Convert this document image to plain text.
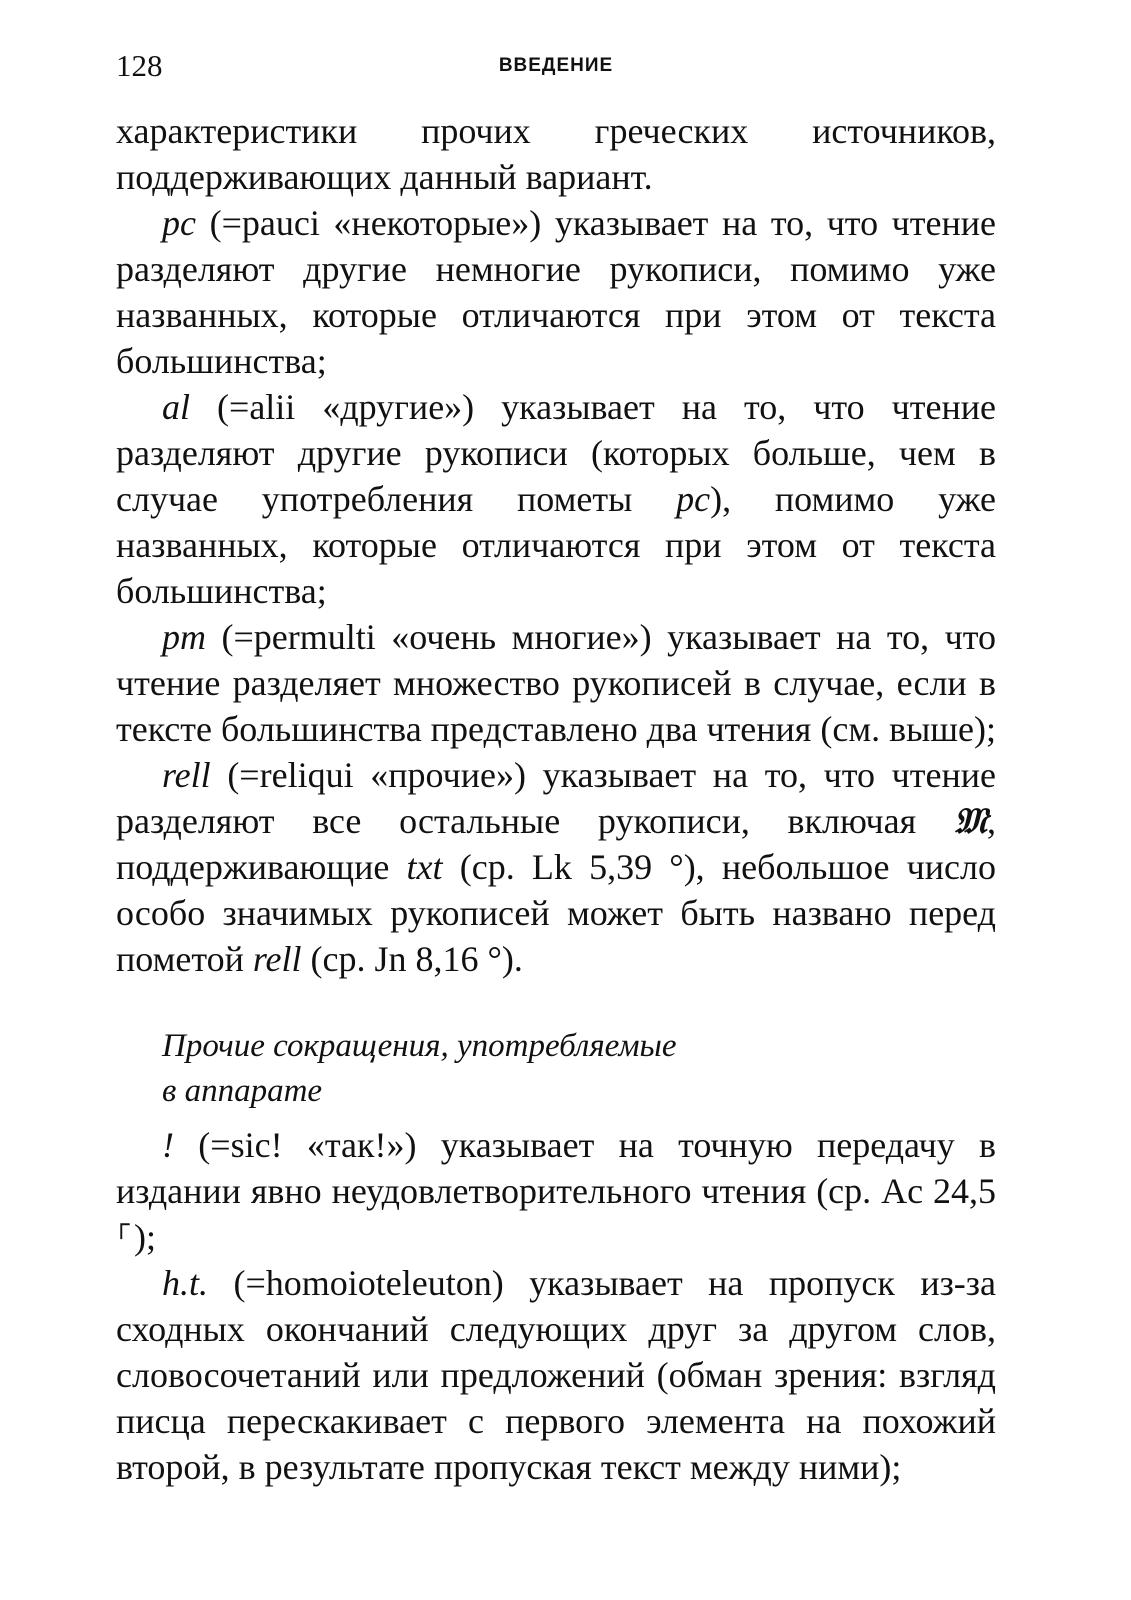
128	ВВЕДЕНИЕ

характеристики прочих греческих источников, поддерживающих данный вариант.

pc (=pauci «некоторые») указывает на то, что чтение разделяют другие немногие рукописи, помимо уже названных, которые отличаются при этом от текста большинства;

al (=alii «другие») указывает на то, что чтение разделяют другие рукописи (которых больше, чем в случае употребления пометы pc), помимо уже названных, которые отличаются при этом от текста большинства;

pm (=permulti «очень многие») указывает на то, что чтение разделяет множество рукописей в случае, если в тексте большинства представлено два чтения (см. выше);

rell (=reliqui «прочие») указывает на то, что чтение разделяют все остальные рукописи, включая 𝔐, поддерживающие txt (ср. Lk 5,39 °), небольшое число особо значимых рукописей может быть названо перед пометой rell (ср. Jn 8,16 °).

Прочие сокращения, употребляемые
в аппарате

! (=sic! «так!») указывает на точную передачу в издании явно неудовлетворительного чтения (ср. Ac 24,5 ⸀);

h.t. (=homoioteleuton) указывает на пропуск из-за сходных окончаний следующих друг за другом слов, словосочетаний или предложений (обман зрения: взгляд писца перескакивает с первого элемента на похожий второй, в результате пропуская текст между ними);
